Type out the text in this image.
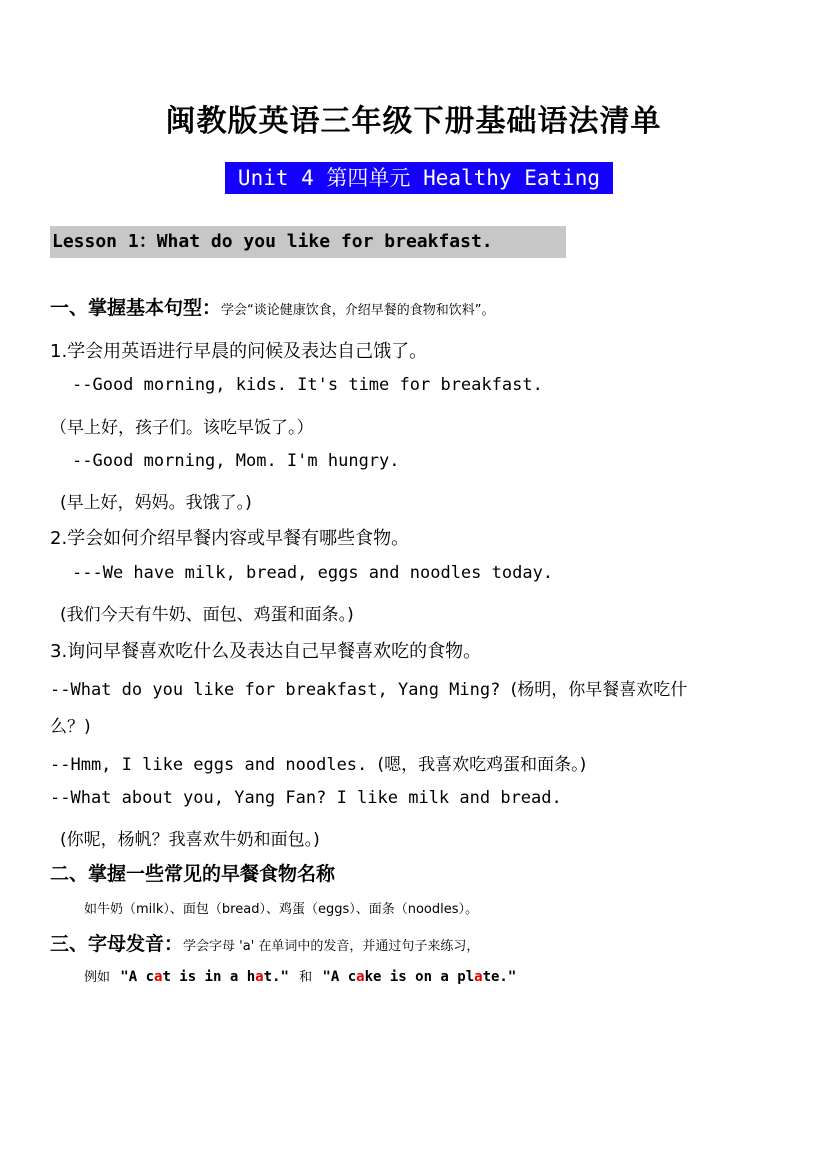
闽教版英语三年级下册基础语法清单
Unit 4 第四单元 Healthy Eating
Lesson 1：What do you like for breakfast.
一、掌握基本句型：学会“谈论健康饮食，介绍早餐的食物和饮料”。
1.学会用英语进行早晨的问候及表达自己饿了。
--Good morning, kids. It's time for breakfast.
（早上好，孩子们。该吃早饭了。）
--Good morning, Mom. I'm hungry.
(早上好，妈妈。我饿了。)
2.学会如何介绍早餐内容或早餐有哪些食物。
---We have milk, bread, eggs and noodles today.
(我们今天有牛奶、面包、鸡蛋和面条。)
3.询问早餐喜欢吃什么及表达自己早餐喜欢吃的食物。
--What do you like for breakfast, Yang Ming? (杨明，你早餐喜欢吃什
么？)
--Hmm, I like eggs and noodles. (嗯，我喜欢吃鸡蛋和面条。)
--What about you, Yang Fan? I like milk and bread.
(你呢，杨帆？我喜欢牛奶和面包。)
二、掌握一些常见的早餐食物名称
如牛奶（milk）、面包（bread）、鸡蛋（eggs）、面条（noodles）。
三、字母发音：学会字母 'a' 在单词中的发音，并通过句子来练习，
例如 "A cat is in a hat." 和 "A cake is on a plate."
